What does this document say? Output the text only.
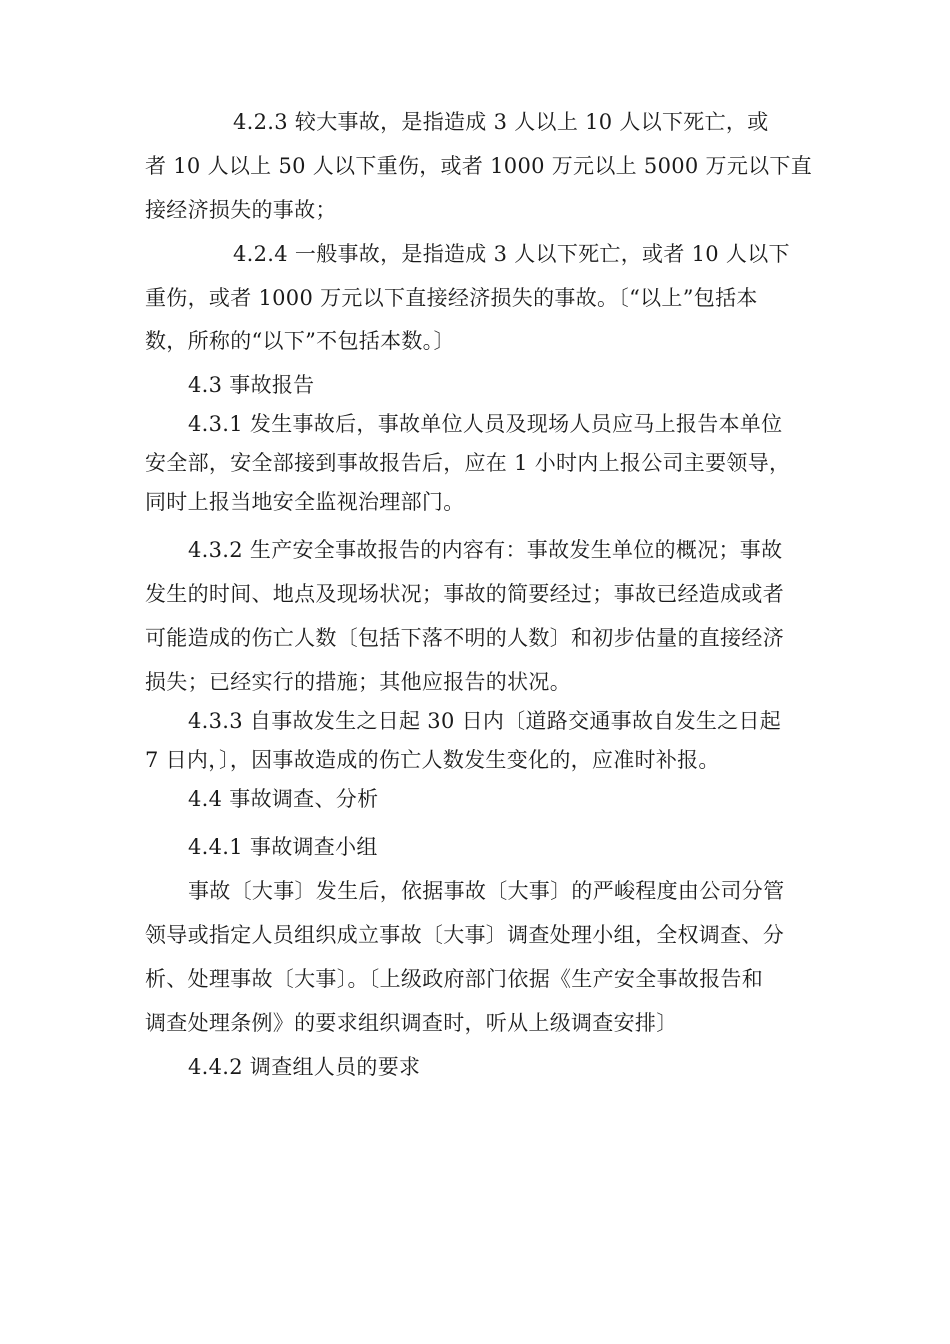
4.2.3 较大事故，是指造成 3 人以上 10 人以下死亡，或
者 10 人以上 50 人以下重伤，或者 1000 万元以上 5000 万元以下直
接经济损失的事故；
4.2.4 一般事故，是指造成 3 人以下死亡，或者 10 人以下
重伤，或者 1000 万元以下直接经济损失的事故。〔“以上”包括本
数，所称的“以下”不包括本数。〕
4.3 事故报告
4.3.1 发生事故后，事故单位人员及现场人员应马上报告本单位
安全部，安全部接到事故报告后，应在 1 小时内上报公司主要领导，
同时上报当地安全监视治理部门。
4.3.2 生产安全事故报告的内容有：事故发生单位的概况；事故
发生的时间、地点及现场状况；事故的简要经过；事故已经造成或者
可能造成的伤亡人数〔包括下落不明的人数〕和初步估量的直接经济
损失；已经实行的措施；其他应报告的状况。
4.3.3 自事故发生之日起 30 日内〔道路交通事故自发生之日起
7 日内，〕，因事故造成的伤亡人数发生变化的，应准时补报。
4.4 事故调查、分析
4.4.1 事故调查小组
事故〔大事〕发生后，依据事故〔大事〕的严峻程度由公司分管
领导或指定人员组织成立事故〔大事〕调查处理小组，全权调查、分
析、处理事故〔大事〕。〔上级政府部门依据《生产安全事故报告和
调查处理条例》的要求组织调查时，听从上级调查安排〕
4.4.2 调查组人员的要求
